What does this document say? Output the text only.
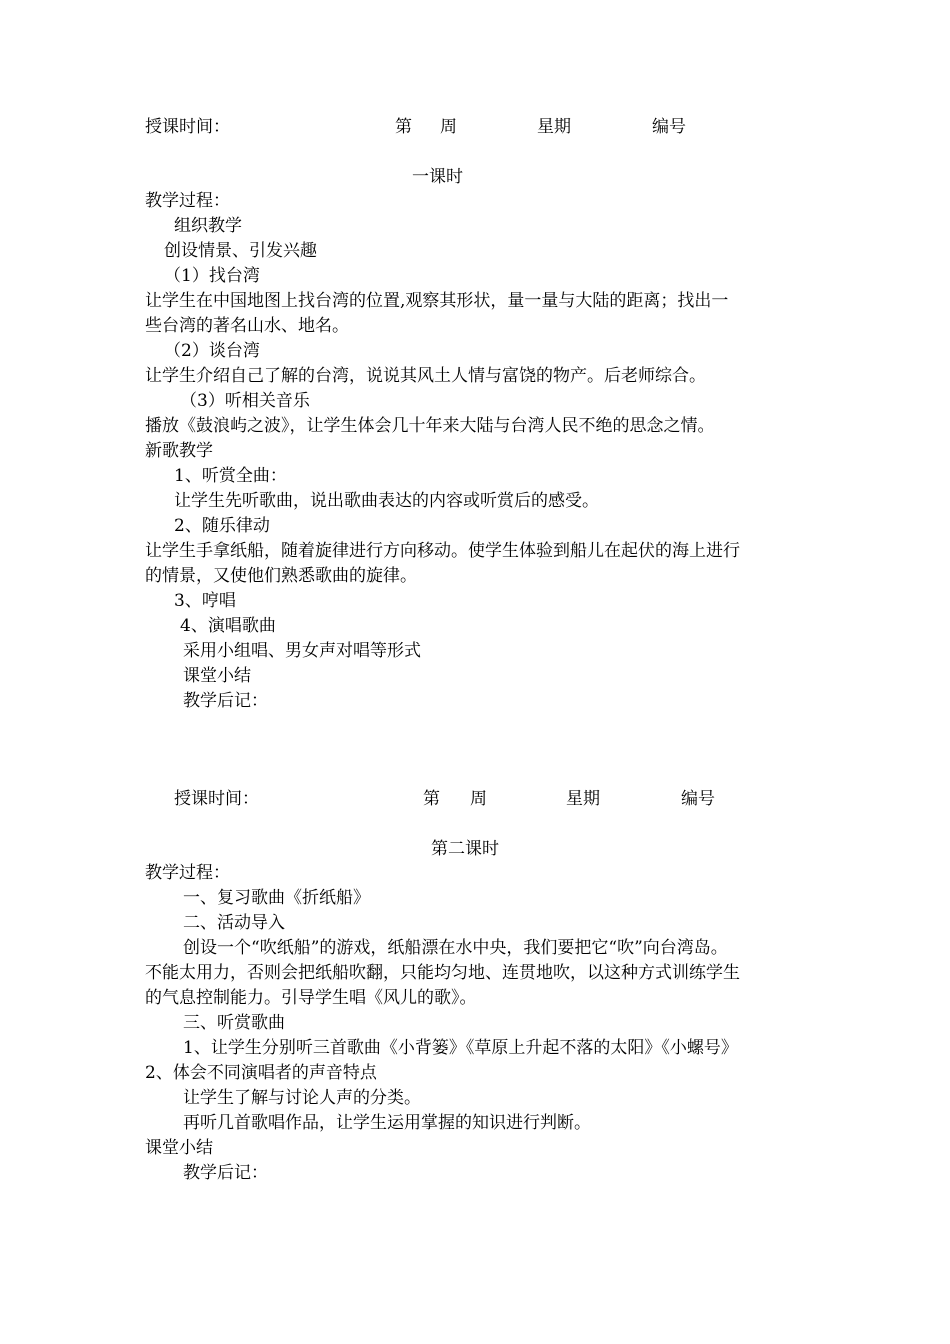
授课时间：	第 周	星期	编号
一课时
教学过程：
组织教学
创设情景、引发兴趣
（1）找台湾
让学生在中国地图上找台湾的位置,观察其形状，量一量与大陆的距离；找出一
些台湾的著名山水、地名。
（2）谈台湾
让学生介绍自己了解的台湾，说说其风土人情与富饶的物产。后老师综合。
（3）听相关音乐
播放《鼓浪屿之波》，让学生体会几十年来大陆与台湾人民不绝的思念之情。
新歌教学
1、听赏全曲：
让学生先听歌曲，说出歌曲表达的内容或听赏后的感受。
2、随乐律动
让学生手拿纸船，随着旋律进行方向移动。使学生体验到船儿在起伏的海上进行
的情景，又使他们熟悉歌曲的旋律。
3、哼唱
4、演唱歌曲
采用小组唱、男女声对唱等形式
课堂小结
教学后记：
授课时间：	第 周	星期	编号
第二课时
教学过程：
一、复习歌曲《折纸船》
二、活动导入
创设一个“吹纸船”的游戏，纸船漂在水中央，我们要把它“吹”向台湾岛。
不能太用力，否则会把纸船吹翻，只能均匀地、连贯地吹，以这种方式训练学生
的气息控制能力。引导学生唱《风儿的歌》。
三、听赏歌曲
1、让学生分别听三首歌曲《小背篓》《草原上升起不落的太阳》《小螺号》
2、体会不同演唱者的声音特点
让学生了解与讨论人声的分类。
再听几首歌唱作品，让学生运用掌握的知识进行判断。
课堂小结
教学后记：
